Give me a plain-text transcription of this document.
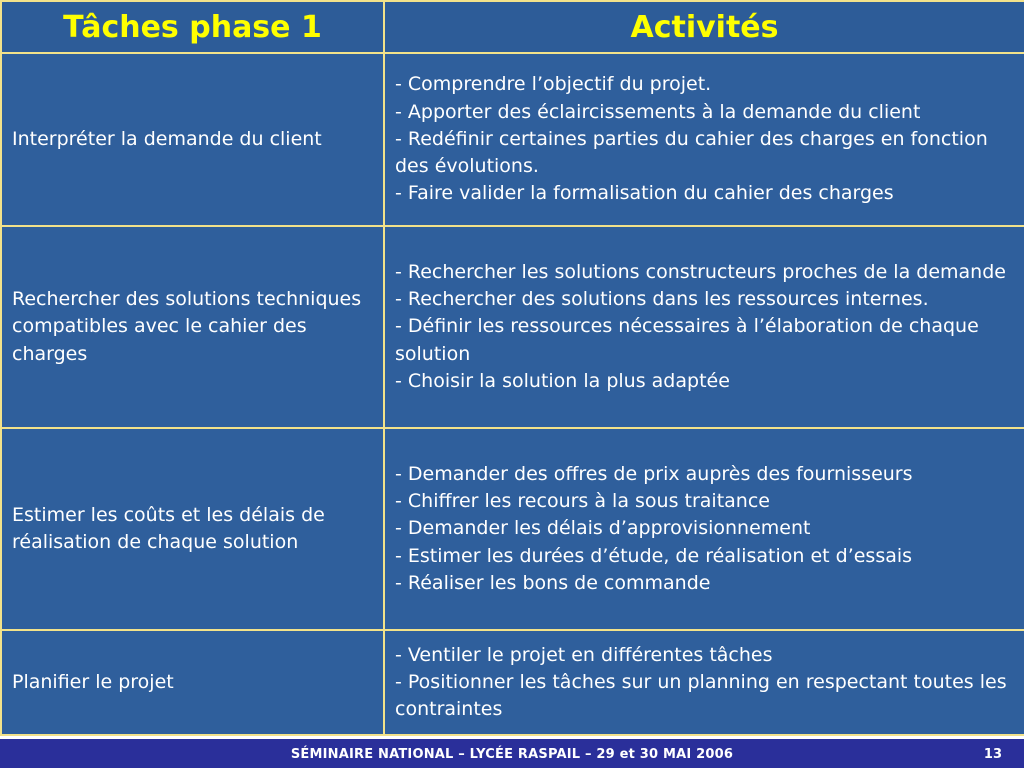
Tâches phase 1	Activités
Interpréter la demande du client	- Comprendre l’objectif du projet.
- Apporter des éclaircissements à la demande du client
- Redéfinir certaines parties du cahier des charges en fonction des évolutions.
- Faire valider la formalisation du cahier des charges

Rechercher des solutions techniques compatibles avec le cahier des charges	- Rechercher les solutions constructeurs proches de la demande
- Rechercher des solutions dans les ressources internes.
- Définir les ressources nécessaires à l’élaboration de chaque solution
- Choisir la solution la plus adaptée

Estimer les coûts et les délais de réalisation de chaque solution	- Demander des offres de prix auprès des fournisseurs
- Chiffrer les recours à la sous traitance
- Demander les délais d’approvisionnement
- Estimer les durées d’étude, de réalisation et d’essais
- Réaliser les bons de commande

Planifier le projet	- Ventiler le projet en différentes tâches
- Positionner les tâches sur un planning en respectant toutes les contraintes
SÉMINAIRE NATIONAL – LYCÉE RASPAIL – 29 et 30 MAI 2006	13
